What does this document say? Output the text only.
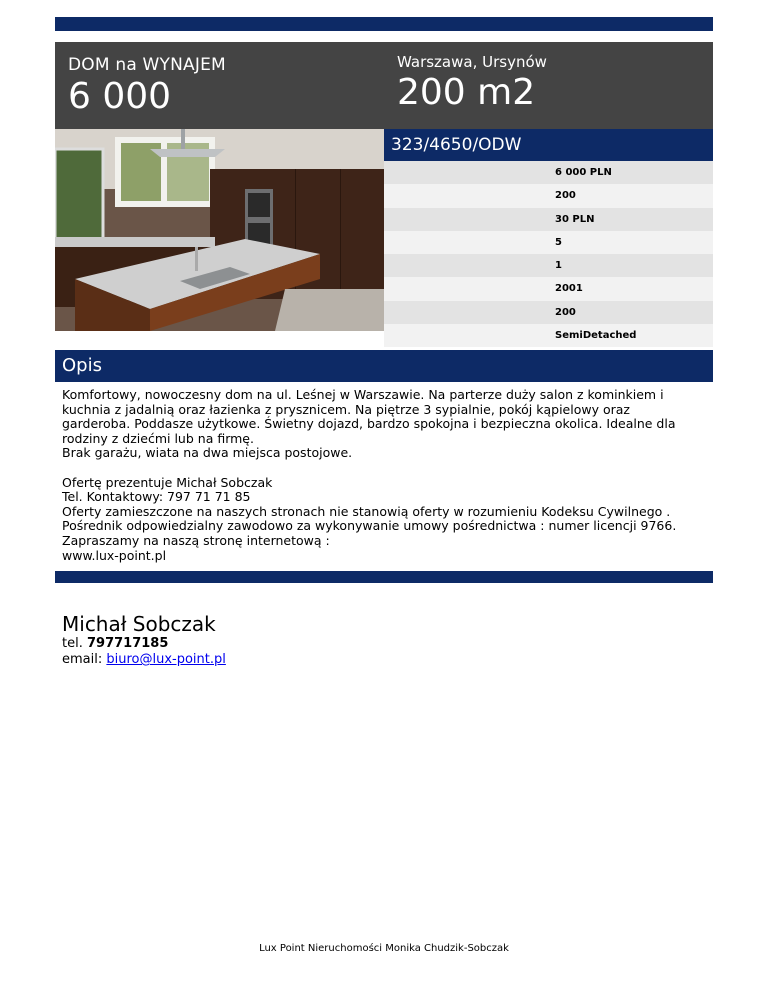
DOM na WYNAJEM
6 000
Warszawa, Ursynów
200 m2
323/4650/ODW
6 000 PLN
200
30 PLN
5
1
2001
200
SemiDetached
Opis

Komfortowy, nowoczesny dom na ul. Leśnej w Warszawie. Na parterze duży salon z kominkiem i

kuchnia z jadalnią oraz łazienka z prysznicem. Na piętrze 3 sypialnie, pokój kąpielowy oraz

garderoba. Poddasze użytkowe. Świetny dojazd, bardzo spokojna i bezpieczna okolica. Idealne dla

rodziny z dziećmi lub na firmę.

Brak garażu, wiata na dwa miejsca postojowe.

Ofertę prezentuje Michał Sobczak

Tel. Kontaktowy: 797 71 71 85

Oferty zamieszczone na naszych stronach nie stanowią oferty w rozumieniu Kodeksu Cywilnego .

Pośrednik odpowiedzialny zawodowo za wykonywanie umowy pośrednictwa : numer licencji 9766.

Zapraszamy na naszą stronę internetową :

www.lux-point.pl

Michał Sobczak
tel. 797717185
email: biuro@lux-point.pl
Lux Point Nieruchomości Monika Chudzik-Sobczak
